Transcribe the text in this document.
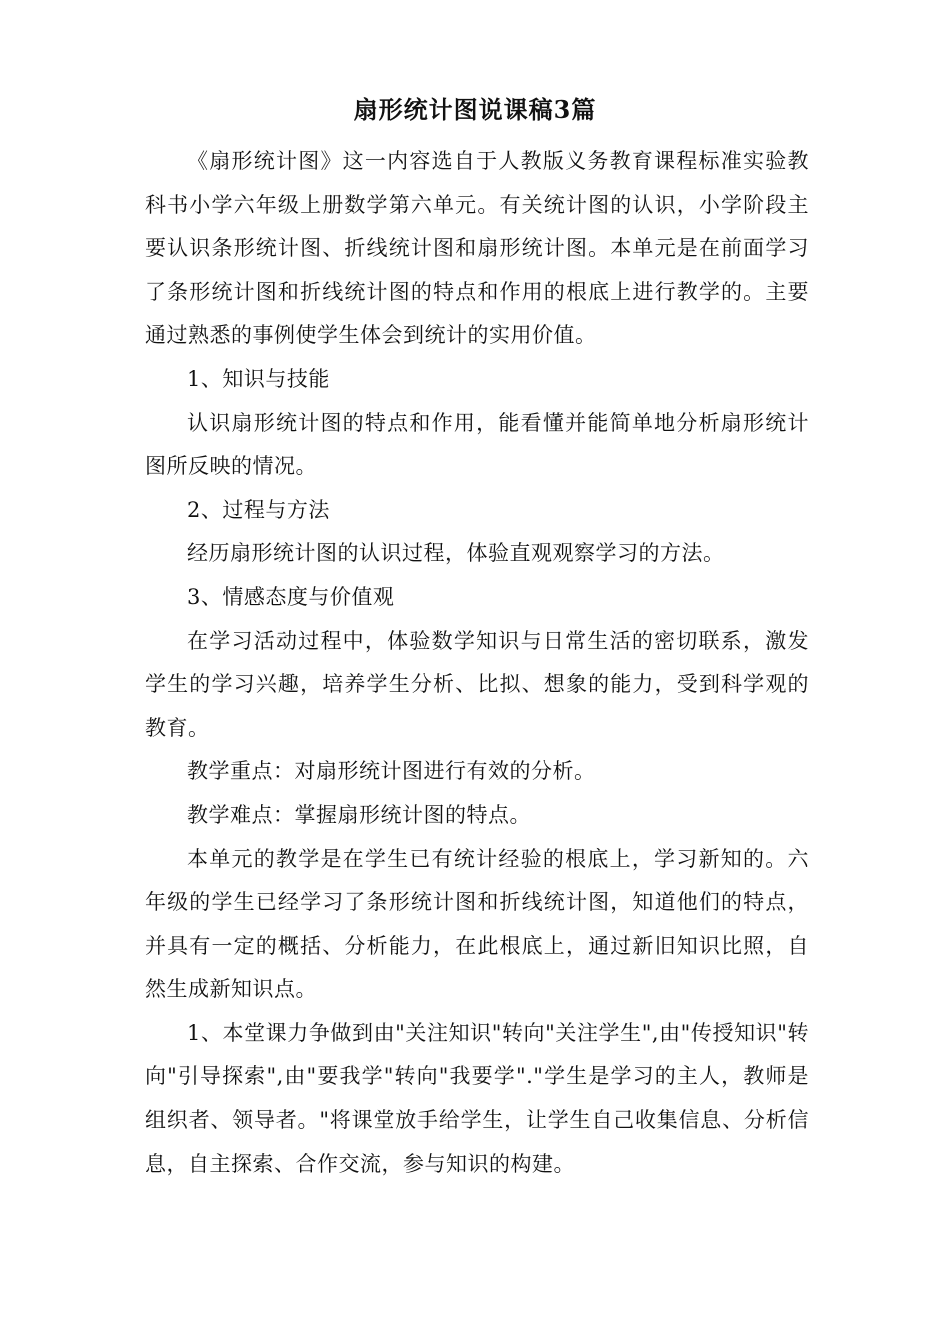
扇形统计图说课稿3篇

《扇形统计图》这一内容选自于人教版义务教育课程标准实验教科书小学六年级上册数学第六单元。有关统计图的认识，小学阶段主要认识条形统计图、折线统计图和扇形统计图。本单元是在前面学习了条形统计图和折线统计图的特点和作用的根底上进行教学的。主要通过熟悉的事例使学生体会到统计的实用价值。

1、知识与技能

认识扇形统计图的特点和作用，能看懂并能简单地分析扇形统计图所反映的情况。

2、过程与方法

经历扇形统计图的认识过程，体验直观观察学习的方法。

3、情感态度与价值观

在学习活动过程中，体验数学知识与日常生活的密切联系，激发学生的学习兴趣，培养学生分析、比拟、想象的能力，受到科学观的教育。

教学重点：对扇形统计图进行有效的分析。

教学难点：掌握扇形统计图的特点。

本单元的教学是在学生已有统计经验的根底上，学习新知的。六年级的学生已经学习了条形统计图和折线统计图，知道他们的特点，并具有一定的概括、分析能力，在此根底上，通过新旧知识比照，自然生成新知识点。

1、本堂课力争做到由"关注知识"转向"关注学生",由"传授知识"转向"引导探索",由"要我学"转向"我要学"."学生是学习的主人，教师是组织者、领导者。"将课堂放手给学生，让学生自己收集信息、分析信息，自主探索、合作交流，参与知识的构建。
